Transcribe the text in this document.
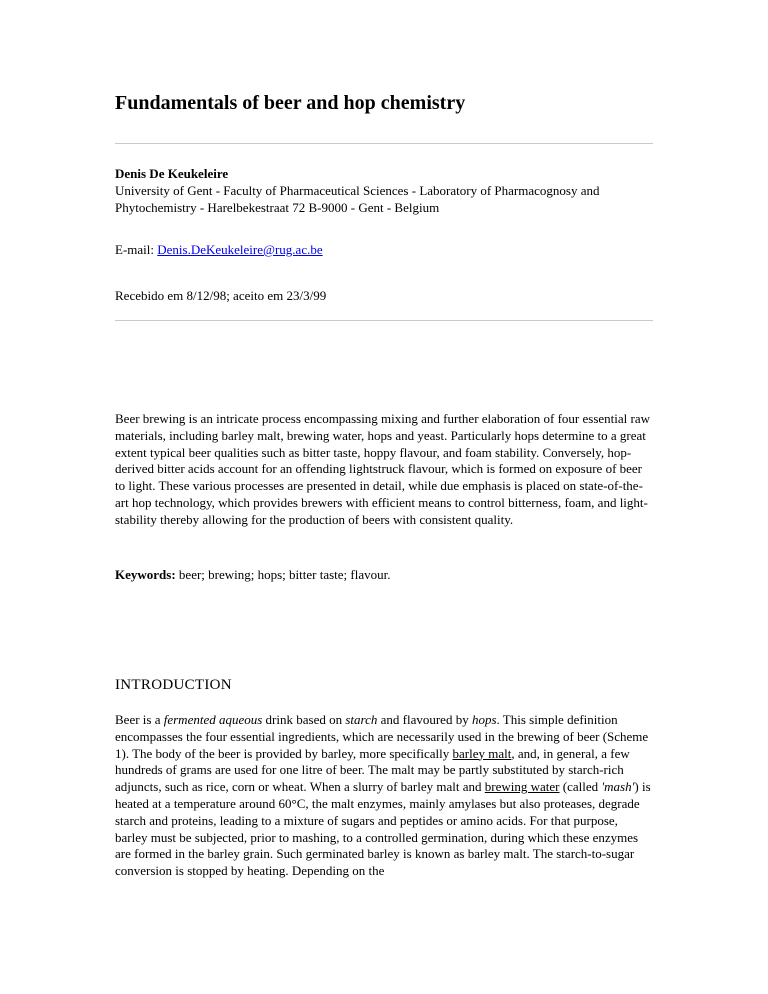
Fundamentals of beer and hop chemistry
Denis De Keukeleire
University of Gent - Faculty of Pharmaceutical Sciences - Laboratory of Pharmacognosy and Phytochemistry - Harelbekestraat 72 B-9000 - Gent - Belgium
E-mail: Denis.DeKeukeleire@rug.ac.be
Recebido em 8/12/98; aceito em 23/3/99

Beer brewing is an intricate process encompassing mixing and further elaboration of four essential raw materials, including barley malt, brewing water, hops and yeast. Particularly hops determine to a great extent typical beer qualities such as bitter taste, hoppy flavour, and foam stability. Conversely, hop-derived bitter acids account for an offending lightstruck flavour, which is formed on exposure of beer to light. These various processes are presented in detail, while due emphasis is placed on state-of-the-art hop technology, which provides brewers with efficient means to control bitterness, foam, and light-stability thereby allowing for the production of beers with consistent quality.

Keywords: beer; brewing; hops; bitter taste; flavour.

INTRODUCTION

Beer is a fermented aqueous drink based on starch and flavoured by hops. This simple definition encompasses the four essential ingredients, which are necessarily used in the brewing of beer (Scheme 1). The body of the beer is provided by barley, more specifically barley malt, and, in general, a few hundreds of grams are used for one litre of beer. The malt may be partly substituted by starch-rich adjuncts, such as rice, corn or wheat. When a slurry of barley malt and brewing water (called 'mash') is heated at a temperature around 60°C, the malt enzymes, mainly amylases but also proteases, degrade starch and proteins, leading to a mixture of sugars and peptides or amino acids. For that purpose, barley must be subjected, prior to mashing, to a controlled germination, during which these enzymes are formed in the barley grain. Such germinated barley is known as barley malt. The starch-to-sugar conversion is stopped by heating. Depending on the
